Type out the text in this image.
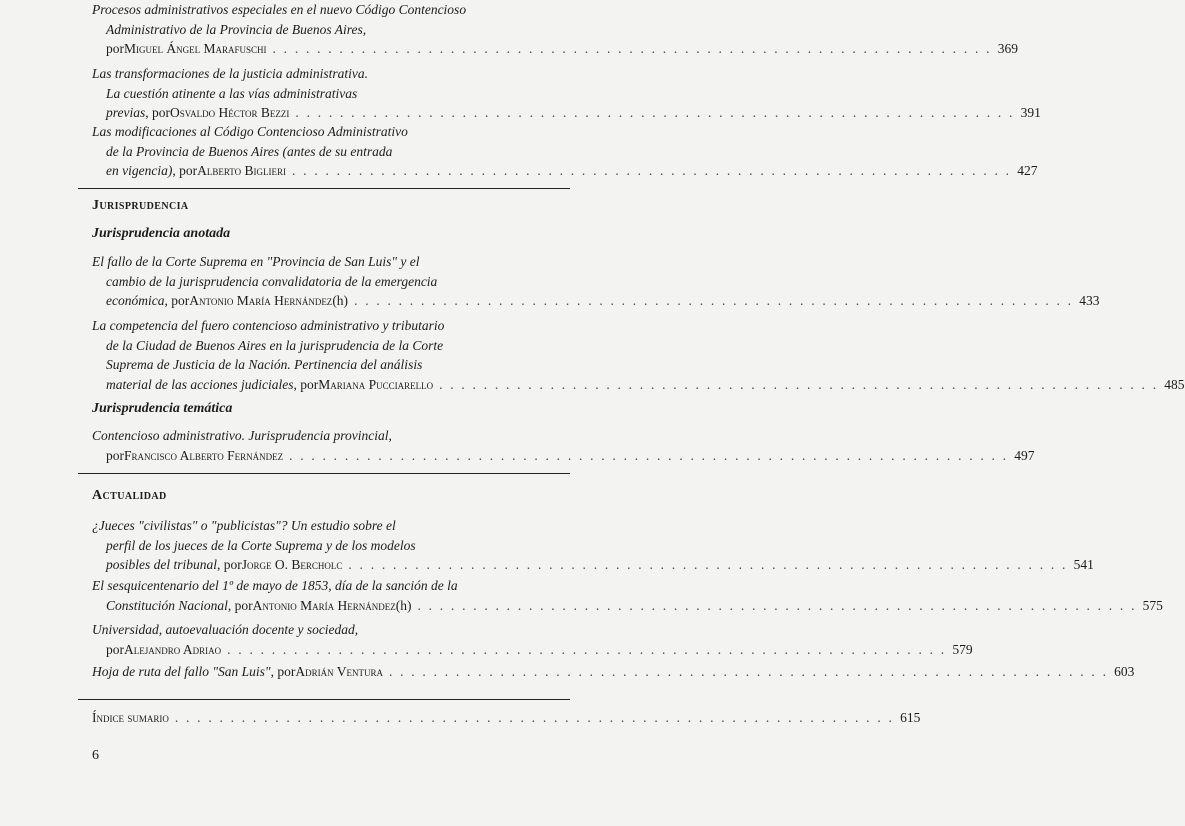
Procesos administrativos especiales en el nuevo Código Contencioso
Administrativo de la Provincia de Buenos Aires,
por Miguel Ángel Marafuschi . . . . . . . . . . . . . . . . . . . . . . . . . . . . . . . . . . . . . . . . . . . . . . . . . . . . . . . . . . . . . . . . . 369
Las transformaciones de la justicia administrativa.
La cuestión atinente a las vías administrativas
previas , por Osvaldo Héctor Bezzi . . . . . . . . . . . . . . . . . . . . . . . . . . . . . . . . . . . . . . . . . . . . . . . . . . . . . . . . . . . . . . . . . 391
Las modificaciones al Código Contencioso Administrativo
de la Provincia de Buenos Aires (antes de su entrada
en vigencia) , por Alberto Biglieri . . . . . . . . . . . . . . . . . . . . . . . . . . . . . . . . . . . . . . . . . . . . . . . . . . . . . . . . . . . . . . . . . 427
El fallo de la Corte Suprema en "Provincia de San Luis" y el
cambio de la jurisprudencia convalidatoria de la emergencia
económica , por Antonio María Hernández (h) . . . . . . . . . . . . . . . . . . . . . . . . . . . . . . . . . . . . . . . . . . . . . . . . . . . . . . . . . . . . . . . . . 433
La competencia del fuero contencioso administrativo y tributario
de la Ciudad de Buenos Aires en la jurisprudencia de la Corte
Suprema de Justicia de la Nación. Pertinencia del análisis
material de las acciones judiciales , por Mariana Pucciarello . . . . . . . . . . . . . . . . . . . . . . . . . . . . . . . . . . . . . . . . . . . . . . . . . . . . . . . . . . . . . . . . . 485
Contencioso administrativo. Jurisprudencia provincial,
por Francisco Alberto Fernández . . . . . . . . . . . . . . . . . . . . . . . . . . . . . . . . . . . . . . . . . . . . . . . . . . . . . . . . . . . . . . . . . 497
¿Jueces "civilistas" o "publicistas"? Un estudio sobre el
perfil de los jueces de la Corte Suprema y de los modelos
posibles del tribunal , por Jorge O. Bercholc . . . . . . . . . . . . . . . . . . . . . . . . . . . . . . . . . . . . . . . . . . . . . . . . . . . . . . . . . . . . . . . . . 541
El sesquicentenario del 1º de mayo de 1853, día de la sanción de la
Constitución Nacional , por Antonio María Hernández (h) . . . . . . . . . . . . . . . . . . . . . . . . . . . . . . . . . . . . . . . . . . . . . . . . . . . . . . . . . . . . . . . . . 575
Universidad, autoevaluación docente y sociedad,
por Alejandro Adriao . . . . . . . . . . . . . . . . . . . . . . . . . . . . . . . . . . . . . . . . . . . . . . . . . . . . . . . . . . . . . . . . . 579
Hoja de ruta del fallo "San Luis" , por Adrián Ventura . . . . . . . . . . . . . . . . . . . . . . . . . . . . . . . . . . . . . . . . . . . . . . . . . . . . . . . . . . . . . . . . . 603
Índice sumario . . . . . . . . . . . . . . . . . . . . . . . . . . . . . . . . . . . . . . . . . . . . . . . . . . . . . . . . . . . . . . . . . 615
Jurisprudencia
Jurisprudencia anotada
Jurisprudencia temática
Actualidad
6
